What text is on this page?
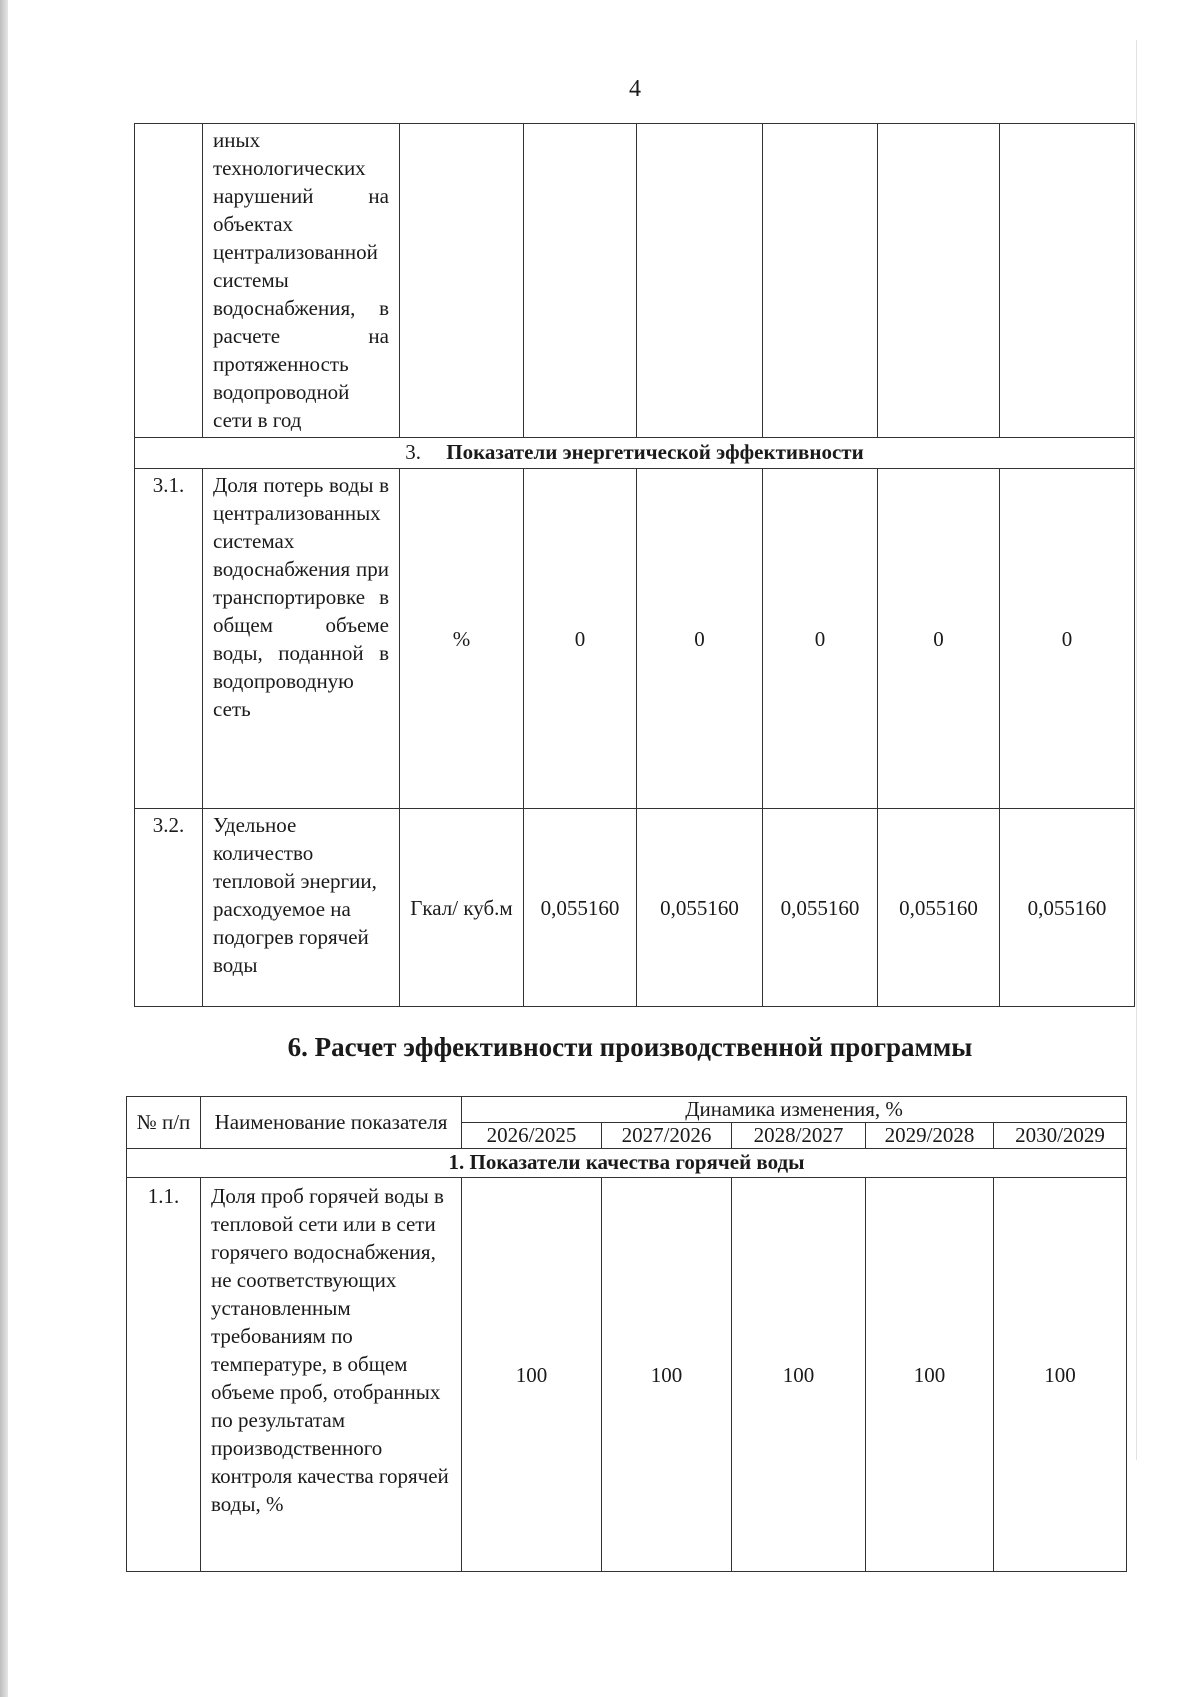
4
	иных технологических нарушений на объектах централизованной системы водоснабжения, в расчете на протяженность водопроводной сети в год						
3. Показатели энергетической эффективности							
3.1.	Доля потерь воды в централизованных системах водоснабжения при транспортировке в общем объеме воды, поданной в водопроводную сеть	%	0	0	0	0	0
3.2.	Удельное количество тепловой энергии, расходуемое на подогрев горячей воды	Гкал/ куб.м	0,055160	0,055160	0,055160	0,055160	0,055160
6. Расчет эффективности производственной программы
№ п/п	Наименование показателя	Динамика изменения, %				
		2026/2025	2027/2026	2028/2027	2029/2028	2030/2029
1. Показатели качества горячей воды						
1.1.	Доля проб горячей воды в тепловой сети или в сети горячего водоснабжения, не соответствующих установленным требованиям по температуре, в общем объеме проб, отобранных по результатам производственного контроля качества горячей воды, %	100	100	100	100	100
